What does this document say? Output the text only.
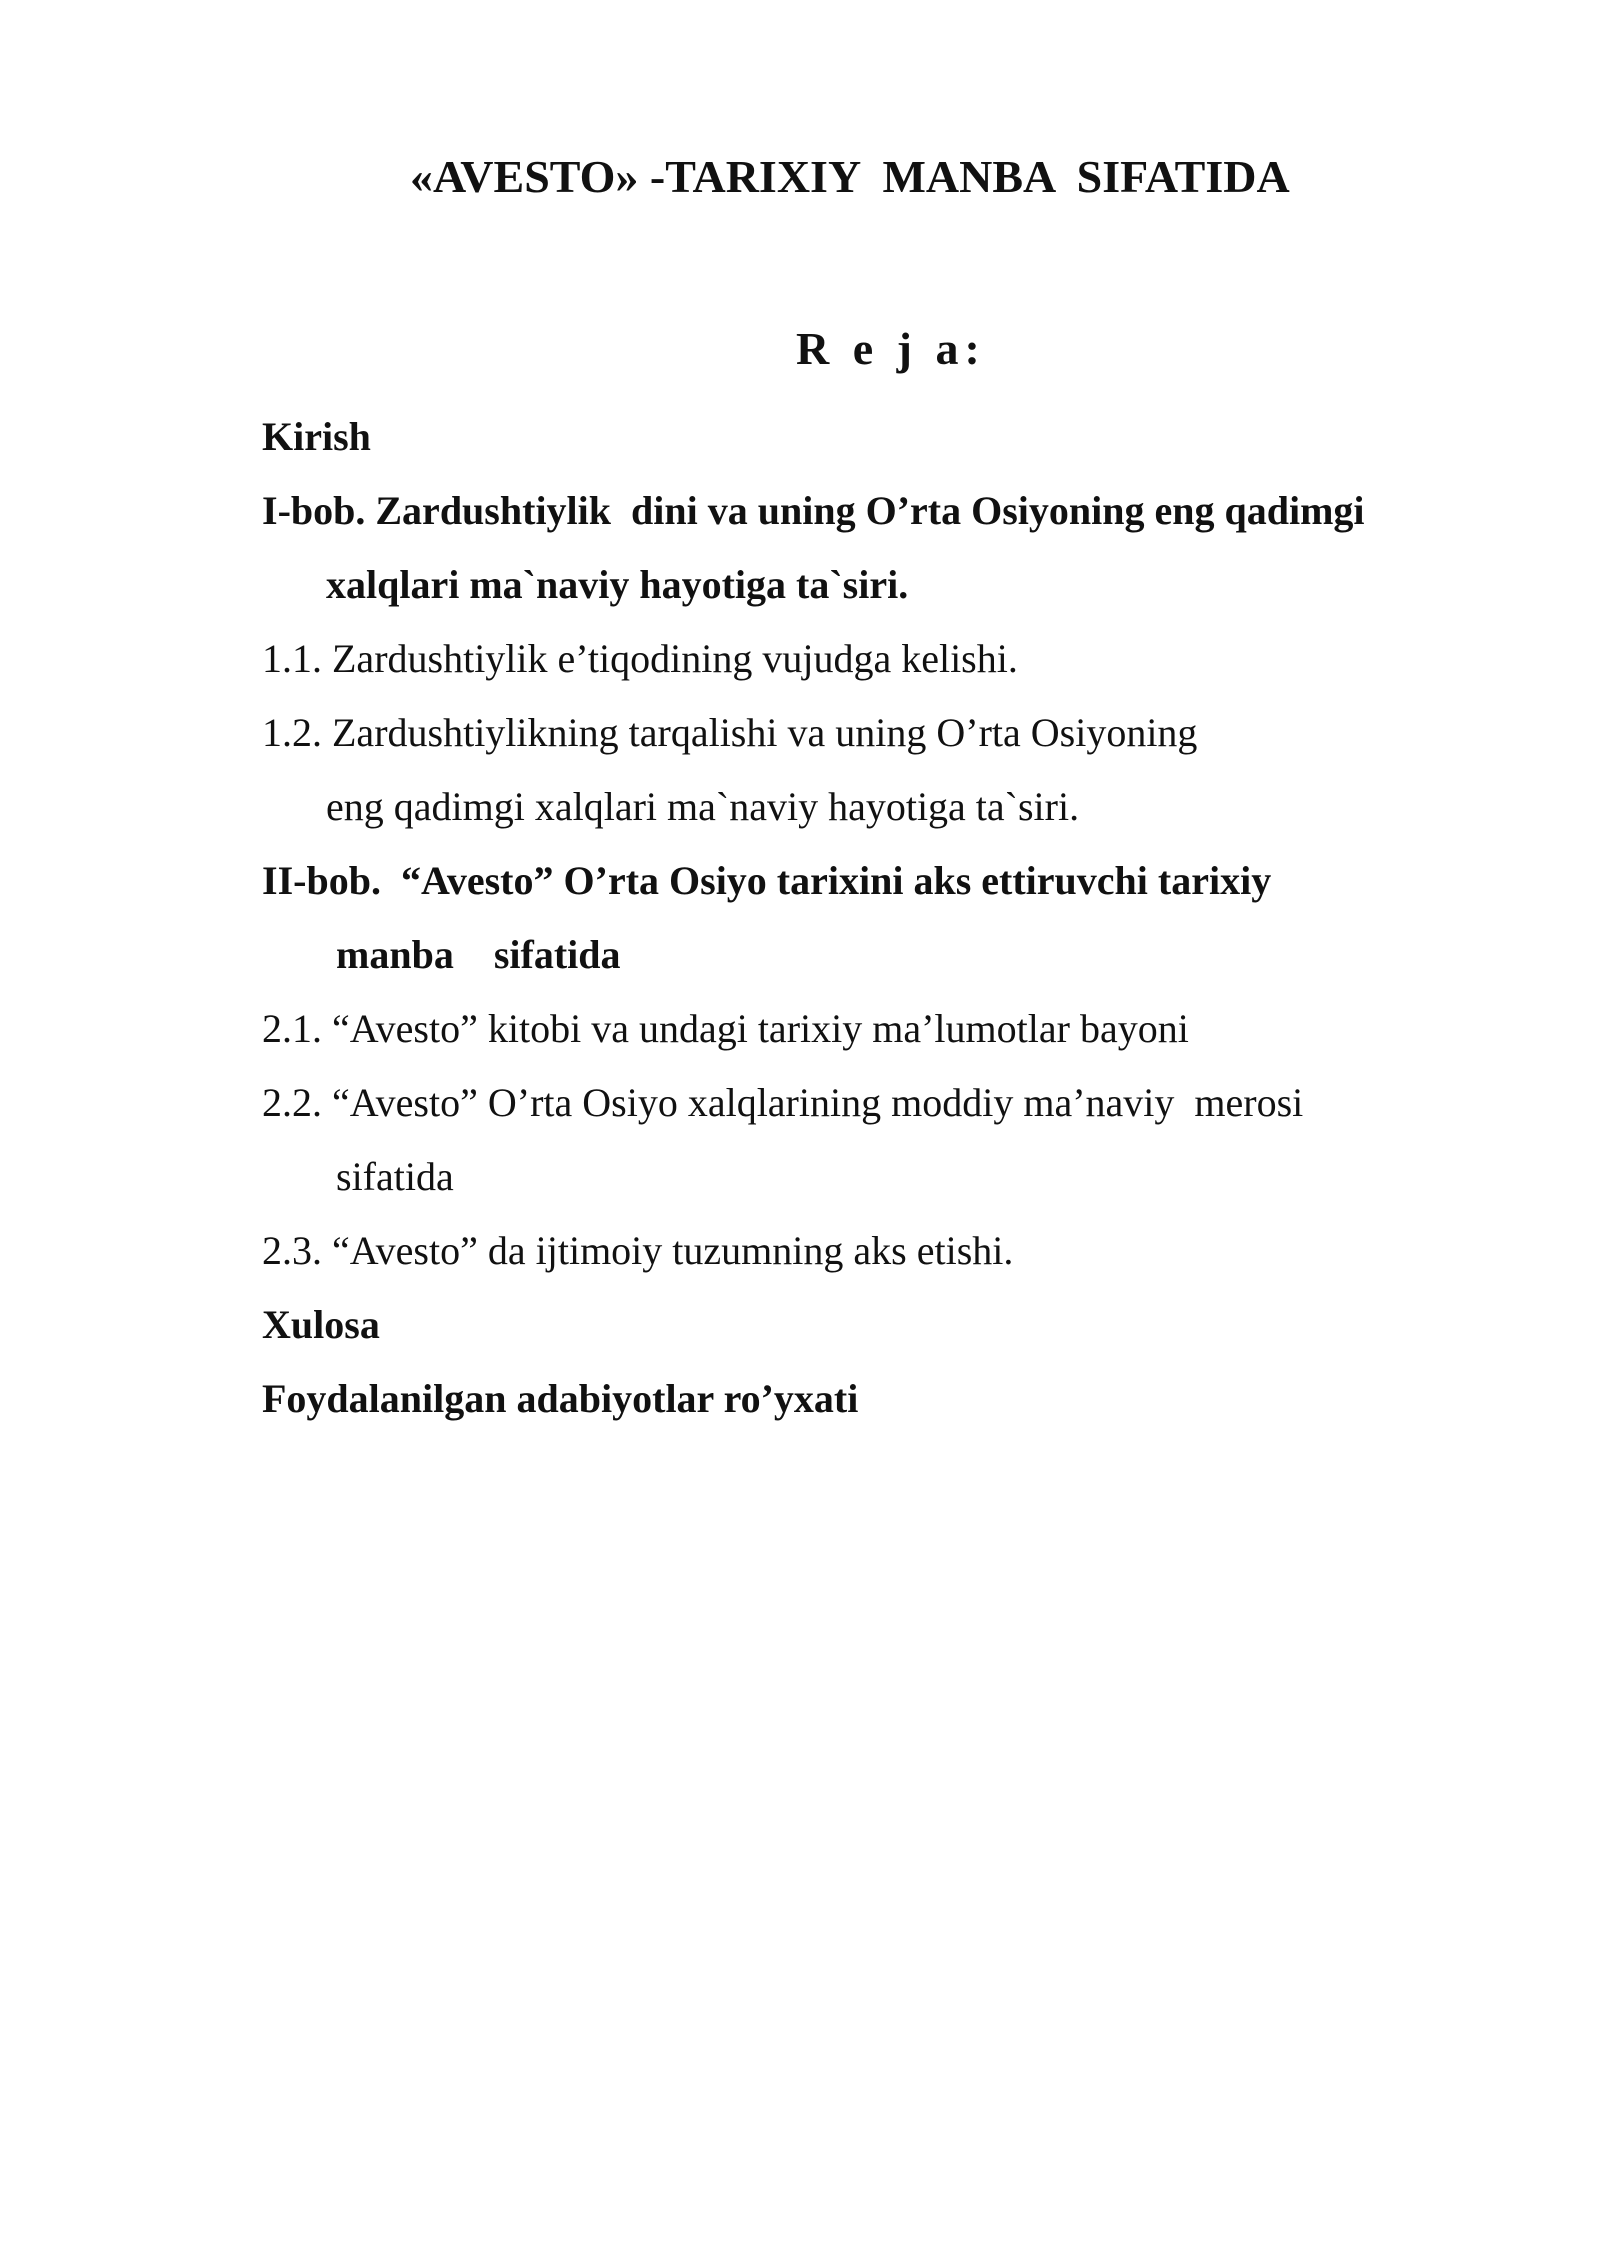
«AVESTO» -TARIXIY  MANBA  SIFATIDA
R e j a:
Kirish
I-bob. Zardushtiylik  dini va uning O’rta Osiyoning eng qadimgi
xalqlari ma`naviy hayotiga ta`siri.
1.1. Zardushtiylik e’tiqodining vujudga kelishi.
1.2. Zardushtiylikning tarqalishi va uning O’rta Osiyoning
eng qadimgi xalqlari ma`naviy hayotiga ta`siri.
II-bob.  “Avesto” O’rta Osiyo tarixini aks ettiruvchi tarixiy
manba    sifatida
2.1. “Avesto” kitobi va undagi tarixiy ma’lumotlar bayoni
2.2. “Avesto” O’rta Osiyo xalqlarining moddiy ma’naviy  merosi
sifatida
2.3. “Avesto” da ijtimoiy tuzumning aks etishi.
Xulosa
Foydalanilgan adabiyotlar ro’yxati
